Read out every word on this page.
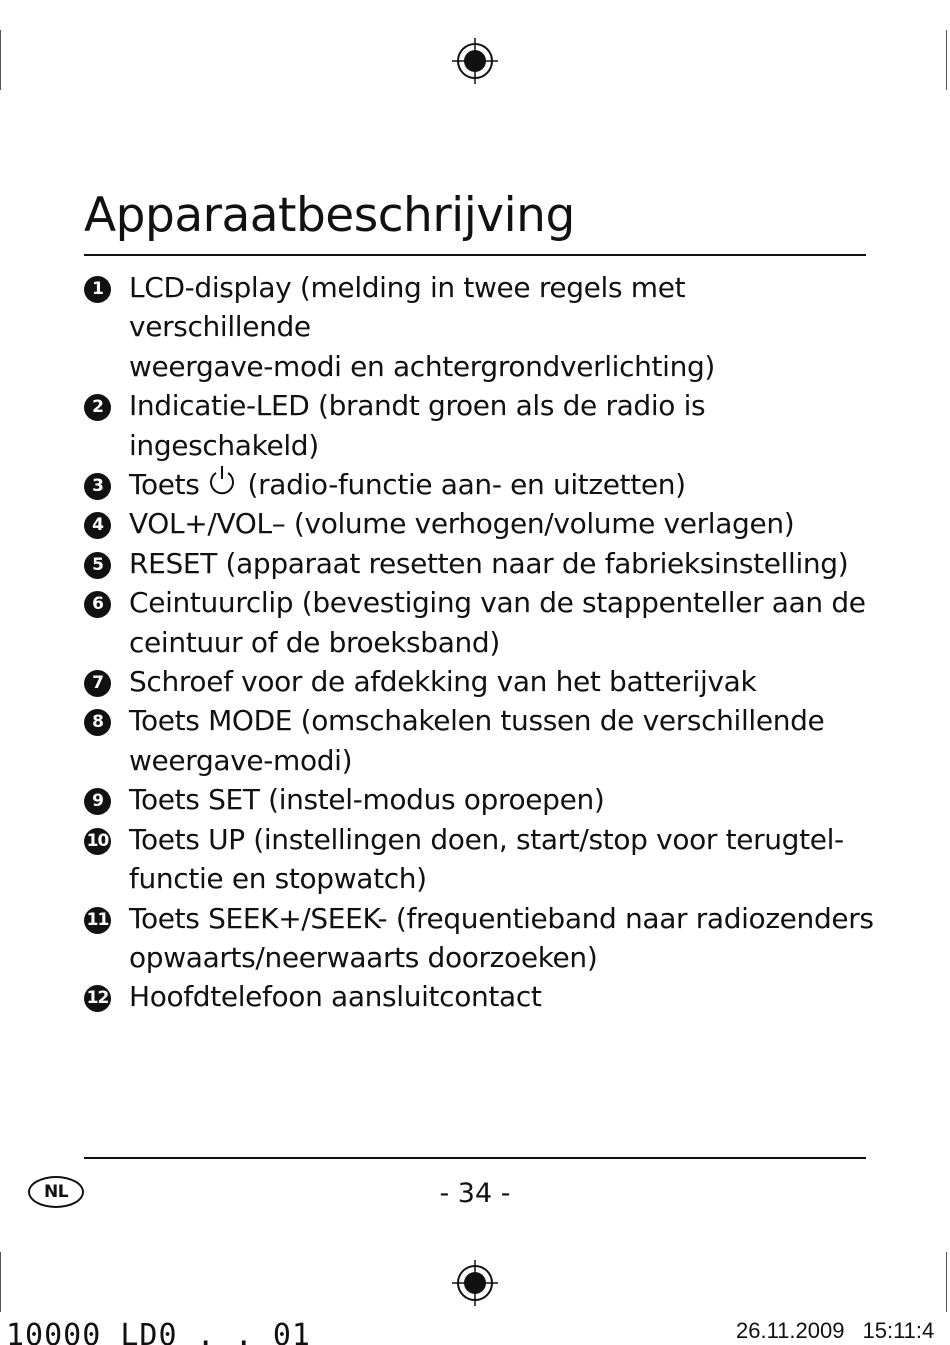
Apparaatbeschrijving
1 LCD-display (melding in twee regels met verschillende
weergave-modi en achtergrondverlichting)
2 Indicatie-LED (brandt groen als de radio is ingeschakeld)
3 Toets (radio-functie aan- en uitzetten)
4 VOL+/VOL– (volume verhogen/volume verlagen)
5 RESET (apparaat resetten naar de fabrieksinstelling)
6 Ceintuurclip (bevestiging van de stappenteller aan de
ceintuur of de broeksband)
7 Schroef voor de afdekking van het batterijvak
8 Toets MODE (omschakelen tussen de verschillende
weergave-modi)
9 Toets SET (instel-modus oproepen)
10 Toets UP (instellingen doen, start/stop voor terugtel-
functie en stopwatch)
11 Toets SEEK+/SEEK- (frequentieband naar radiozenders
opwaarts/neerwaarts doorzoeken)
12 Hoofdtelefoon aansluitcontact
NL	- 34 -
10000 LD0 . . 01	26.11.2009 15:11:4
